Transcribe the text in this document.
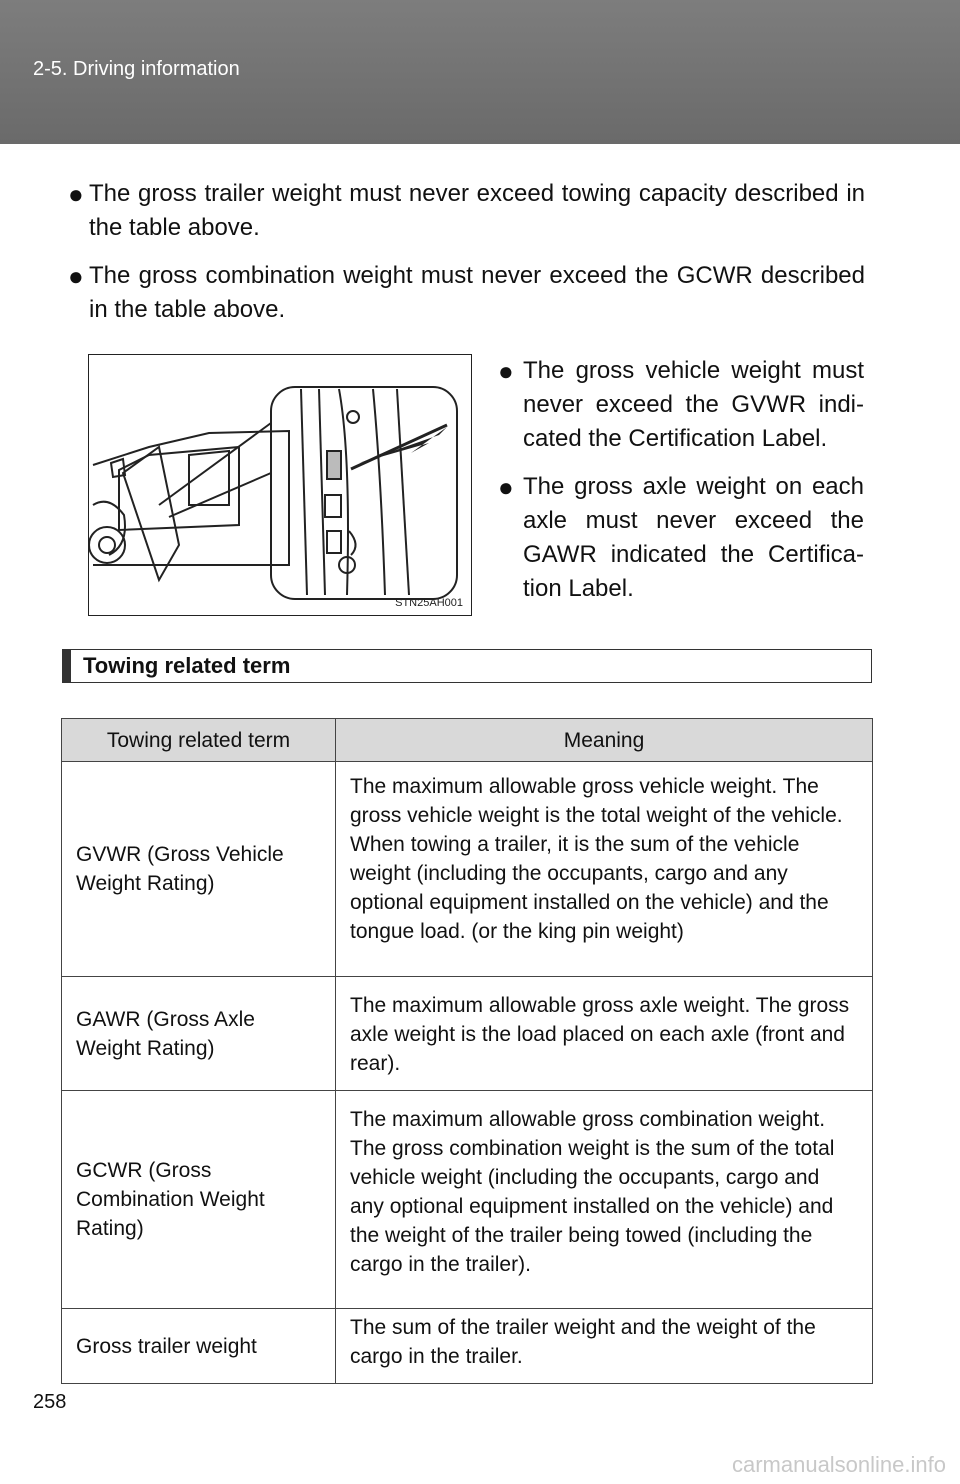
2-5. Driving information
● The gross trailer weight must never exceed towing capacity described in the table above.
● The gross combination weight must never exceed the GCWR described in the table above.
STN25AH001
● The gross vehicle weight must never exceed the GVWR indi-cated the Certification Label.
● The gross axle weight on each axle must never exceed the GAWR indicated the Certifica-tion Label.
Towing related term
Towing related term	Meaning
GVWR (Gross Vehicle Weight Rating)	The maximum allowable gross vehicle weight. The gross vehicle weight is the total weight of the vehicle. When towing a trailer, it is the sum of the vehicle weight (including the occupants, cargo and any optional equipment installed on the vehicle) and the tongue load. (or the king pin weight)
GAWR (Gross Axle Weight Rating)	The maximum allowable gross axle weight. The gross axle weight is the load placed on each axle (front and rear).
GCWR (Gross Combination Weight Rating)	The maximum allowable gross combination weight. The gross combination weight is the sum of the total vehicle weight (including the occupants, cargo and any optional equipment installed on the vehicle) and the weight of the trailer being towed (including the cargo in the trailer).
Gross trailer weight	The sum of the trailer weight and the weight of the cargo in the trailer.
258
carmanualsonline.info
